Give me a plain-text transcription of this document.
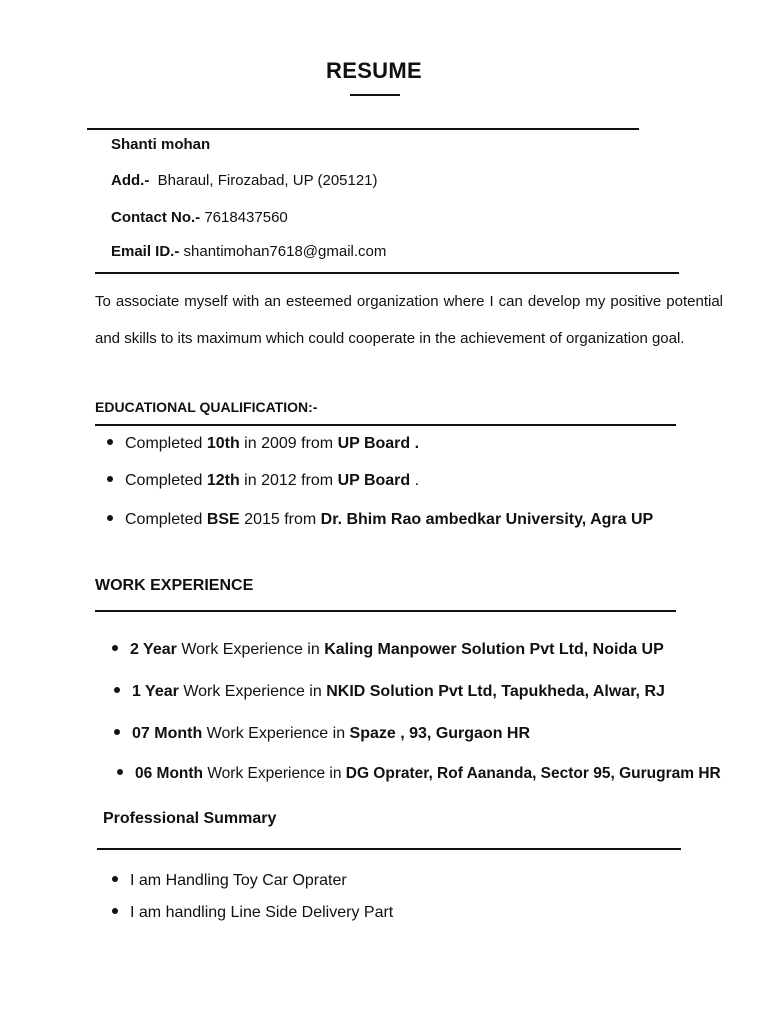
RESUME
Shanti mohan
Add.- Bharaul, Firozabad, UP (205121)
Contact No.- 7618437560
Email ID.- shantimohan7618@gmail.com
To associate myself with an esteemed organization where I can develop my positive potential and skills to its maximum which could cooperate in the achievement of organization goal.
EDUCATIONAL QUALIFICATION:-
Completed 10th in 2009 from UP Board .
Completed 12th in 2012 from UP Board .
Completed BSE 2015 from Dr. Bhim Rao ambedkar University, Agra UP
WORK EXPERIENCE
2 Year Work Experience in Kaling Manpower Solution Pvt Ltd, Noida UP
1 Year Work Experience in NKID Solution Pvt Ltd, Tapukheda, Alwar, RJ
07 Month Work Experience in Spaze , 93, Gurgaon HR
06 Month Work Experience in DG Oprater, Rof Aananda, Sector 95, Gurugram HR
Professional Summary
I am Handling Toy Car Oprater
I am handling Line Side Delivery Part
